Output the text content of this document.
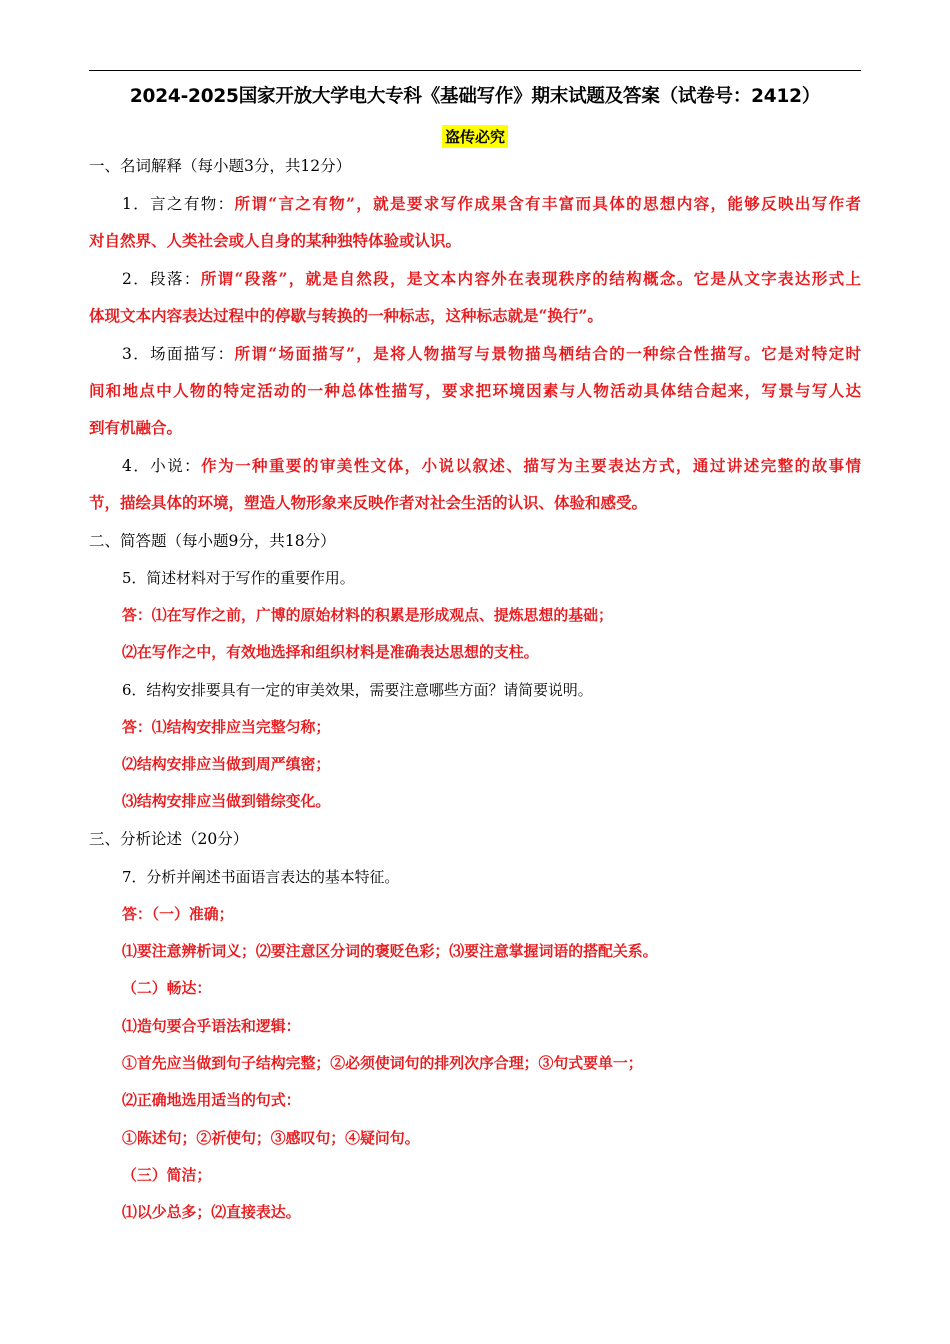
2024-2025国家开放大学电大专科《基础写作》期末试题及答案（试卷号：2412）
盗传必究
一、名词解释（每小题3分，共12分）
1．言之有物：所谓“言之有物”，就是要求写作成果含有丰富而具体的思想内容，能够反映出写作者
对自然界、人类社会或人自身的某种独特体验或认识。
2．段落：所谓“段落”，就是自然段，是文本内容外在表现秩序的结构概念。它是从文字表达形式上
体现文本内容表达过程中的停歇与转换的一种标志，这种标志就是“换行”。
3．场面描写：所谓“场面描写”，是将人物描写与景物描鸟栖结合的一种综合性描写。它是对特定时
间和地点中人物的特定活动的一种总体性描写，要求把环境因素与人物活动具体结合起来，写景与写人达
到有机融合。
4．小说：作为一种重要的审美性文体，小说以叙述、描写为主要表达方式，通过讲述完整的故事情
节，描绘具体的环境，塑造人物形象来反映作者对社会生活的认识、体验和感受。
二、简答题（每小题9分，共18分）
5．简述材料对于写作的重要作用。
答：⑴在写作之前，广博的原始材料的积累是形成观点、提炼思想的基础；
⑵在写作之中，有效地选择和组织材料是准确表达思想的支柱。
6．结构安排要具有一定的审美效果，需要注意哪些方面？请简要说明。
答：⑴结构安排应当完整匀称；
⑵结构安排应当做到周严缜密；
⑶结构安排应当做到错综变化。
三、分析论述（20分）
7．分析并阐述书面语言表达的基本特征。
答：（一）准确；
⑴要注意辨析词义；⑵要注意区分词的褒贬色彩；⑶要注意掌握词语的搭配关系。
（二）畅达：
⑴造句要合乎语法和逻辑：
①首先应当做到句子结构完整；②必须使词句的排列次序合理；③句式要单一；
⑵正确地选用适当的句式：
①陈述句；②祈使句；③感叹句；④疑问句。
（三）简洁；
⑴以少总多；⑵直接表达。
